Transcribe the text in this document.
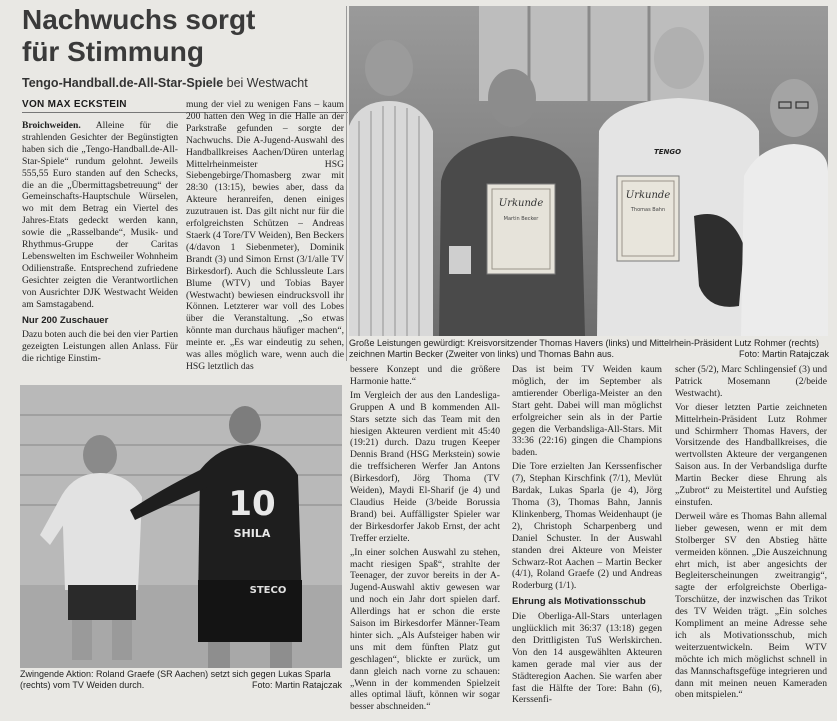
Nachwuchs sorgt
für Stimmung
Tengo-Handball.de-All-Star-Spiele bei Westwacht
VON MAX ECKSTEIN

Broichweiden. Alleine für die strahlenden Gesichter der Begünstigten haben sich die „Tengo-Handball.de-All-Star-Spiele“ rundum gelohnt. Jeweils 555,55 Euro standen auf den Schecks, die an die „Übermittagsbetreuung“ der Gemeinschafts-Hauptschule Würselen, wo mit dem Betrag ein Viertel des Jahres-Etats gedeckt werden kann, sowie die „Rasselbande“, Musik- und Rhythmus-Gruppe der Caritas Lebenswelten im Eschweiler Wohnheim Odilienstraße. Entsprechend zufriedene Gesichter zeigten die Verantwortlichen von Ausrichter DJK Westwacht Weiden am Samstagabend.

Nur 200 Zuschauer

Dazu boten auch die bei den vier Partien gezeigten Leistungen allen Anlass. Für die richtige Einstim-

mung der viel zu wenigen Fans – kaum 200 hatten den Weg in die Halle an der Parkstraße gefunden – sorgte der Nachwuchs. Die A-Jugend-Auswahl des Handballkreises Aachen/Düren unterlag Mittelrheinmeister HSG Siebengebirge/Thomasberg zwar mit 28:30 (13:15), bewies aber, dass da Akteure heranreifen, denen einiges zuzutrauen ist. Das gilt nicht nur für die erfolgreichsten Schützen – Andreas Staerk (4 Tore/TV Weiden), Ben Beckers (4/davon 1 Siebenmeter), Dominik Brandt (3) und Simon Ernst (3/1/alle TV Birkesdorf). Auch die Schlussleute Lars Blume (WTV) und Tobias Bayer (Westwacht) bewiesen eindrucksvoll ihr Können. Letzterer war voll des Lobes über die Veranstaltung. „So etwas könnte man durchaus häufiger machen“, meinte er. „Es war eindeutig zu sehen, was alles möglich ware, wenn auch die HSG letztlich das

Urkunde
Martin Becker
TENGO
Urkunde
Thomas Bahn
Große Leistungen gewürdigt: Kreisvorsitzender Thomas Havers (links) und Mittelrhein-Präsident Lutz Rohmer (rechts) zeichnen Martin Becker (Zweiter von links) und Thomas Bahn aus.	Foto: Martin Ratajczak
10
SHILA
STECO
Zwingende Aktion: Roland Graefe (SR Aachen) setzt sich gegen Lukas Sparla (rechts) vom TV Weiden durch.	Foto: Martin Ratajczak

bessere Konzept und die größere Harmonie hatte.“

Im Vergleich der aus den Landesliga-Gruppen A und B kommenden All-Stars setzte sich das Team mit den hiesigen Akteuren verdient mit 45:40 (19:21) durch. Dazu trugen Keeper Dennis Brand (HSG Merkstein) sowie die treffsicheren Werfer Jan Antons (Birkesdorf), Jörg Thoma (TV Weiden), Maydi El-Sharif (je 4) und Claudius Heide (3/beide Borussia Brand) bei. Auffälligster Spieler war der Birkesdorfer Jakob Ernst, der acht Treffer erzielte.

„In einer solchen Auswahl zu stehen, macht riesigen Spaß“, strahlte der Teenager, der zuvor bereits in der A-Jugend-Auswahl aktiv gewesen war und noch ein Jahr dort spielen darf. Allerdings hat er schon die erste Saison im Birkesdorfer Männer-Team hinter sich. „Als Aufsteiger haben wir uns mit dem fünften Platz gut geschlagen“, blickte er zurück, um dann gleich nach vorne zu schauen: „Wenn in der kommenden Spielzeit alles optimal läuft, können wir sogar besser abschneiden.“

Das ist beim TV Weiden kaum möglich, der im September als amtierender Oberliga-Meister an den Start geht. Dabei will man möglichst erfolgreicher sein als in der Partie gegen die Verbandsliga-All-Stars. Mit 33:36 (22:16) gingen die Champions baden.

Die Tore erzielten Jan Kerssenfischer (7), Stephan Kirschfink (7/1), Mevlüt Bardak, Lukas Sparla (je 4), Jörg Thoma (3), Thomas Bahn, Jannis Klinkenberg, Thomas Weidenhaupt (je 2), Christoph Scharpenberg und Daniel Schuster. In der Auswahl standen drei Akteure von Meister Schwarz-Rot Aachen – Martin Becker (4/1), Roland Graefe (2) und Andreas Roderburg (1/1).

Ehrung als Motivationsschub

Die Oberliga-All-Stars unterlagen unglücklich mit 36:37 (13:18) gegen den Drittligisten TuS Werlskirchen. Von den 14 ausgewählten Akteuren kamen gerade mal vier aus der Städteregion Aachen. Sie warfen aber fast die Hälfte der Tore: Bahn (6), Kerssenfi-

scher (5/2), Marc Schlingensief (3) und Patrick Mosemann (2/beide Westwacht).

Vor dieser letzten Partie zeichneten Mittelrhein-Präsident Lutz Rohmer und Schirmherr Thomas Havers, der Vorsitzende des Handballkreises, die wertvollsten Akteure der vergangenen Saison aus. In der Verbandsliga durfte Martin Becker diese Ehrung als „Zubrot“ zu Meistertitel und Aufstieg einstufen.

Derweil wäre es Thomas Bahn allemal lieber gewesen, wenn er mit dem Stolberger SV den Abstieg hätte vermeiden können. „Die Auszeichnung ehrt mich, ist aber angesichts der Begleiterscheinungen zweitrangig“, sagte der erfolgreichste Oberliga-Torschütze, der inzwischen das Trikot des TV Weiden trägt. „Ein solches Kompliment an meine Adresse sehe ich als Motivationsschub, mich weiterzuentwickeln. Beim WTV möchte ich mich möglichst schnell in das Mannschaftsgefüge integrieren und dann mit meinen neuen Kameraden oben mitspielen.“
